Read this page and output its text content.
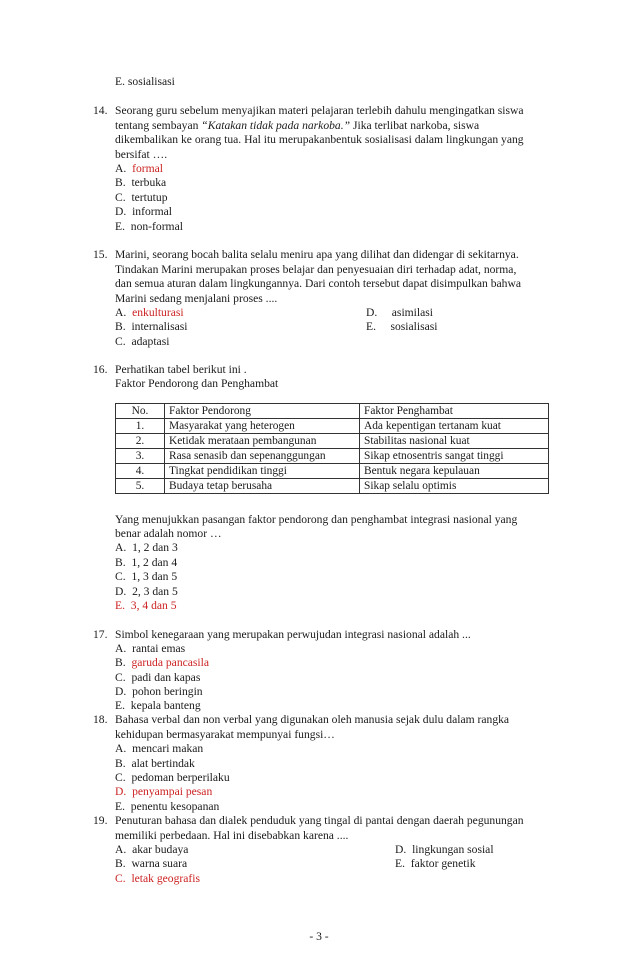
E. sosialisasi
14. Seorang guru sebelum menyajikan materi pelajaran terlebih dahulu mengingatkan siswa
tentang sembayan “Katakan tidak pada narkoba.” Jika terlibat narkoba, siswa
dikembalikan ke orang tua. Hal itu merupakanbentuk sosialisasi dalam lingkungan yang
bersifat ….
A. formal
B. terbuka
C. tertutup
D. informal
E. non-formal
15. Marini, seorang bocah balita selalu meniru apa yang dilihat dan didengar di sekitarnya.
Tindakan Marini merupakan proses belajar dan penyesuaian diri terhadap adat, norma,
dan semua aturan dalam lingkungannya. Dari contoh tersebut dapat disimpulkan bahwa
Marini sedang menjalani proses ....
A. enkulturasi	D. asimilasi
B. internalisasi	E. sosialisasi
C. adaptasi
16. Perhatikan tabel berikut ini .
Faktor Pendorong dan Penghambat
No.	Faktor Pendorong	Faktor Penghambat
1.	Masyarakat yang heterogen	Ada kepentigan tertanam kuat
2.	Ketidak merataan pembangunan	Stabilitas nasional kuat
3.	Rasa senasib dan sepenanggungan	Sikap etnosentris sangat tinggi
4.	Tingkat pendidikan tinggi	Bentuk negara kepulauan
5.	Budaya tetap berusaha	Sikap selalu optimis
Yang menujukkan pasangan faktor pendorong dan penghambat integrasi nasional yang
benar adalah nomor …
A. 1, 2 dan 3
B. 1, 2 dan 4
C. 1, 3 dan 5
D. 2, 3 dan 5
E. 3, 4 dan 5
17. Simbol kenegaraan yang merupakan perwujudan integrasi nasional adalah ...
A. rantai emas
B. garuda pancasila
C. padi dan kapas
D. pohon beringin
E. kepala banteng
18. Bahasa verbal dan non verbal yang digunakan oleh manusia sejak dulu dalam rangka
kehidupan bermasyarakat mempunyai fungsi…
A. mencari makan
B. alat bertindak
C. pedoman berperilaku
D. penyampai pesan
E. penentu kesopanan
19. Penuturan bahasa dan dialek penduduk yang tingal di pantai dengan daerah pegunungan
memiliki perbedaan. Hal ini disebabkan karena ....
A. akar budaya	D. lingkungan sosial
B. warna suara	E. faktor genetik
C. letak geografis
- 3 -
